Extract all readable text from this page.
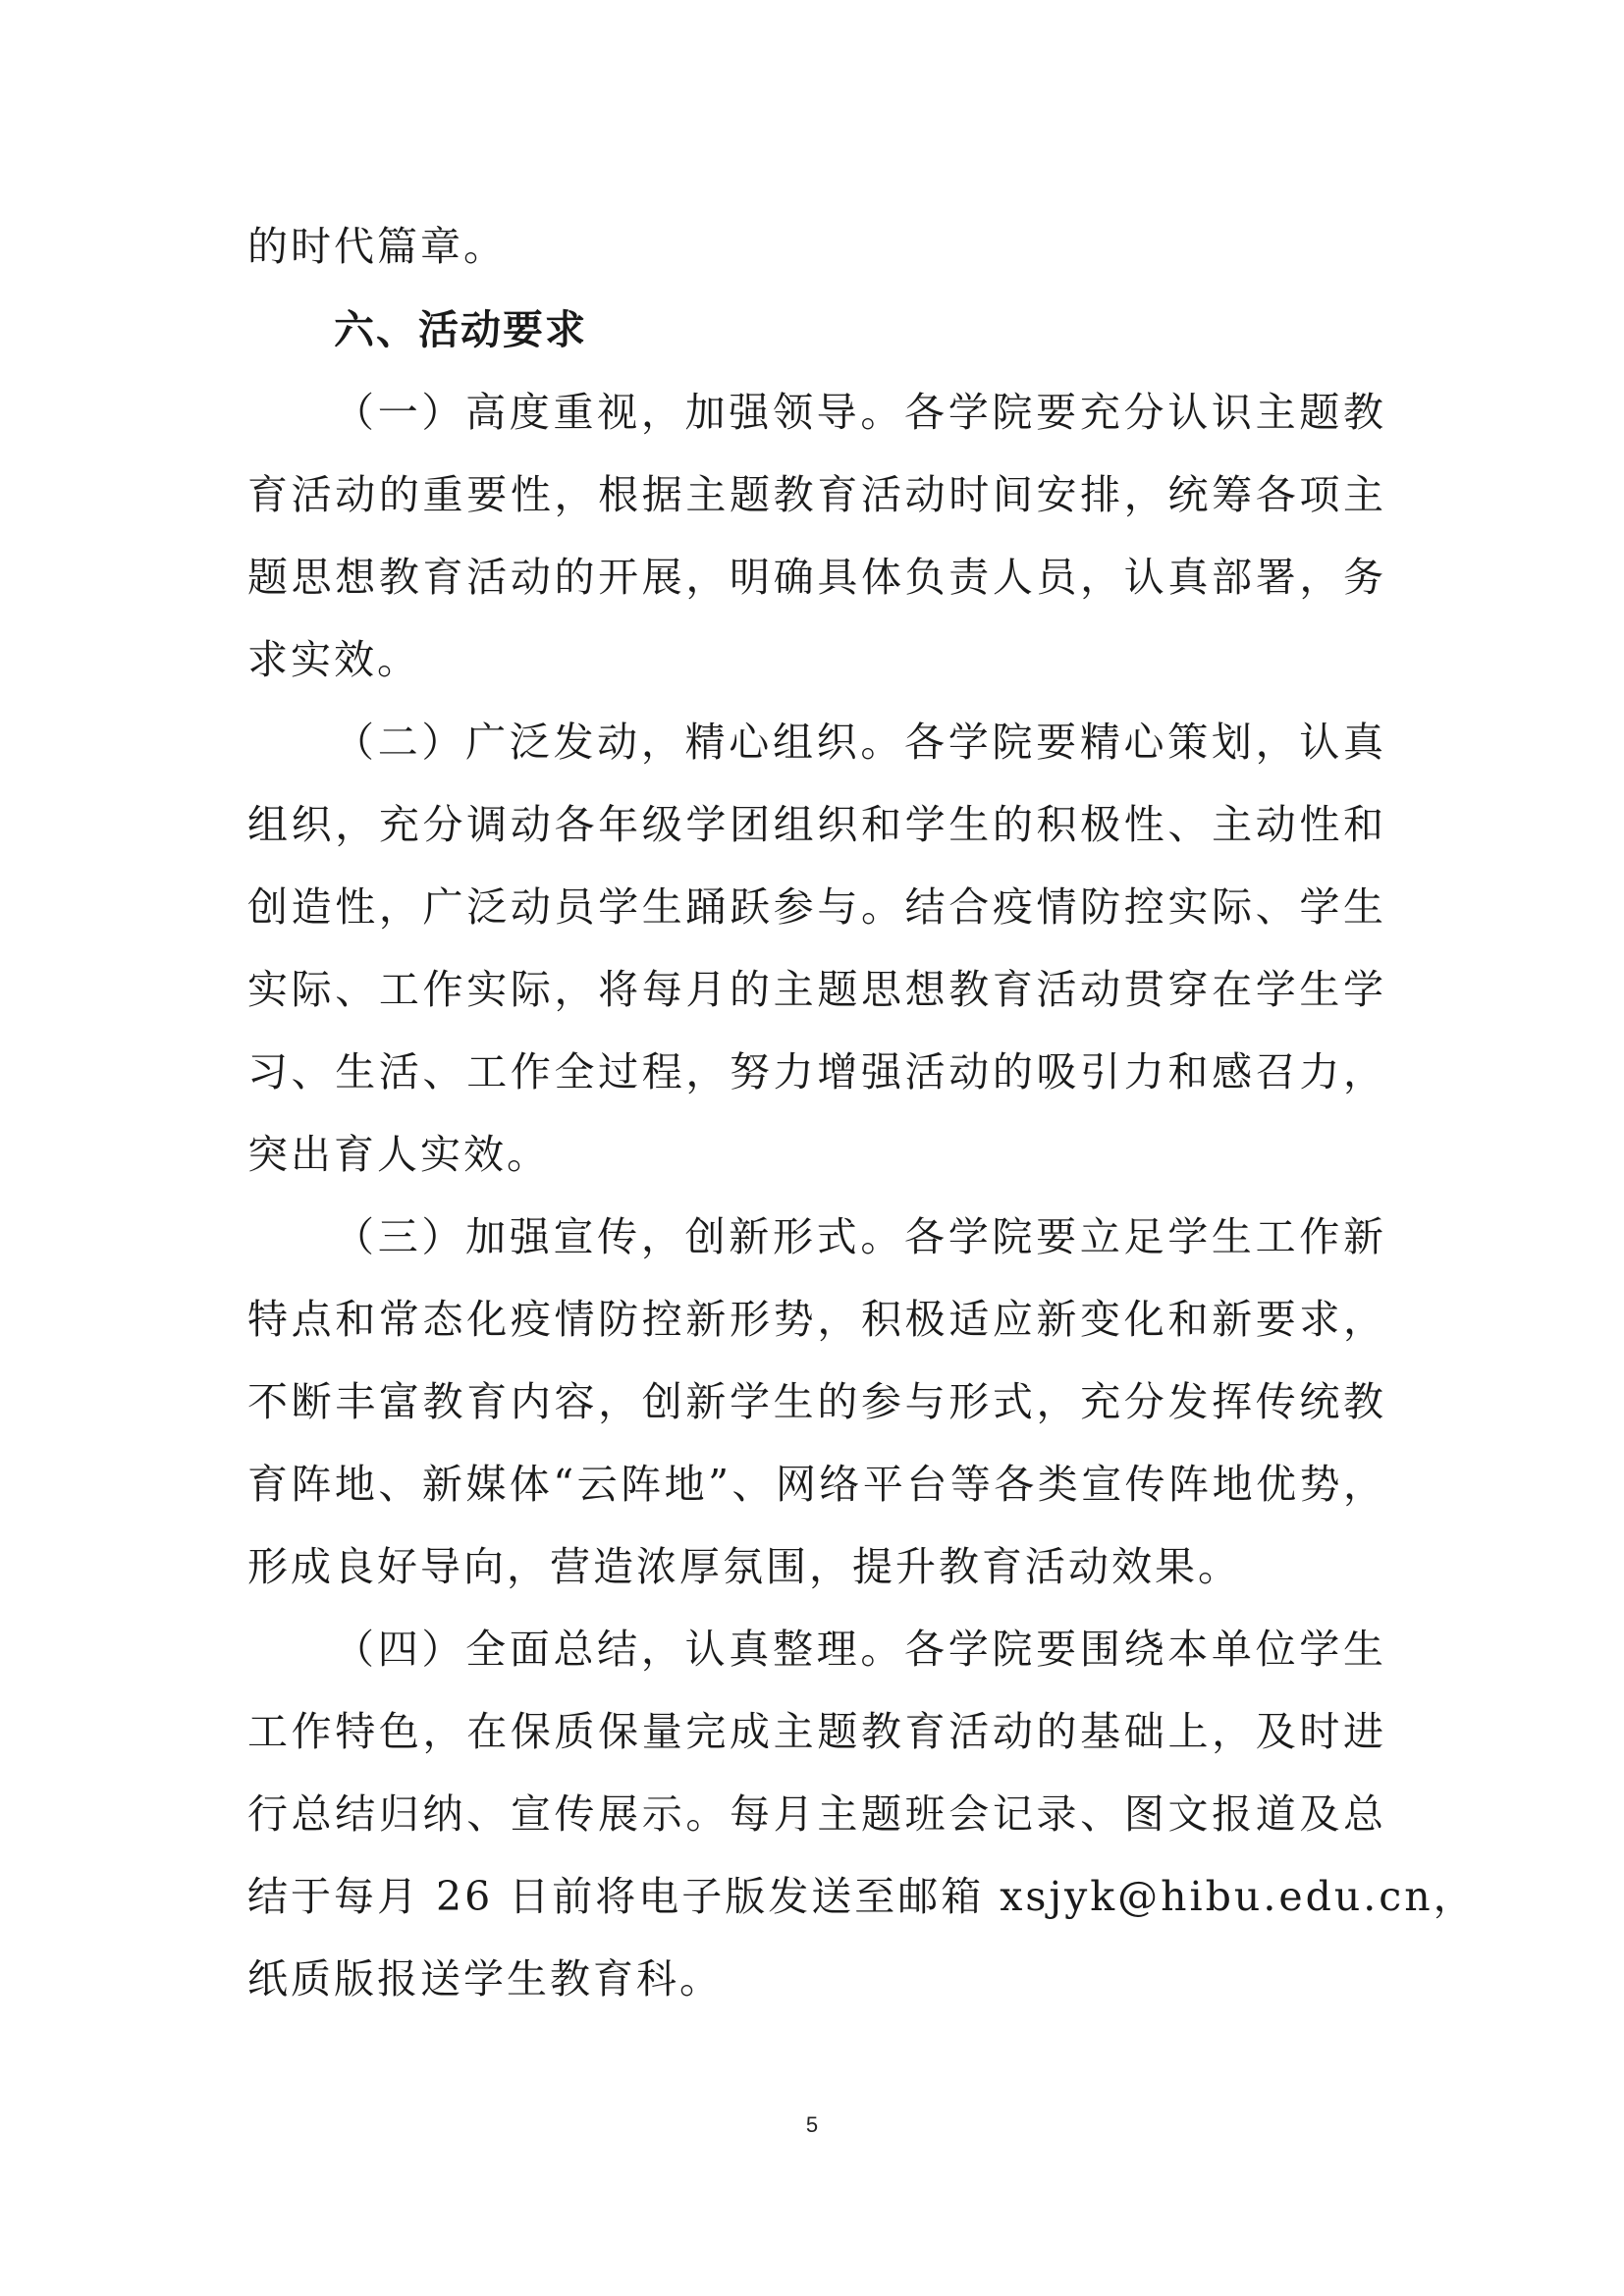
的时代篇章。
六、活动要求
（一）高度重视，加强领导。各学院要充分认识主题教
育活动的重要性，根据主题教育活动时间安排，统筹各项主
题思想教育活动的开展，明确具体负责人员，认真部署，务
求实效。
（二）广泛发动，精心组织。各学院要精心策划，认真
组织，充分调动各年级学团组织和学生的积极性、主动性和
创造性，广泛动员学生踊跃参与。结合疫情防控实际、学生
实际、工作实际，将每月的主题思想教育活动贯穿在学生学
习、生活、工作全过程，努力增强活动的吸引力和感召力，
突出育人实效。
（三）加强宣传，创新形式。各学院要立足学生工作新
特点和常态化疫情防控新形势，积极适应新变化和新要求，
不断丰富教育内容，创新学生的参与形式，充分发挥传统教
育阵地、新媒体“云阵地”、网络平台等各类宣传阵地优势，
形成良好导向，营造浓厚氛围，提升教育活动效果。
（四）全面总结，认真整理。各学院要围绕本单位学生
工作特色，在保质保量完成主题教育活动的基础上，及时进
行总结归纳、宣传展示。每月主题班会记录、图文报道及总
结于每月 26 日前将电子版发送至邮箱 xsjyk@hibu.edu.cn，
纸质版报送学生教育科。
5
